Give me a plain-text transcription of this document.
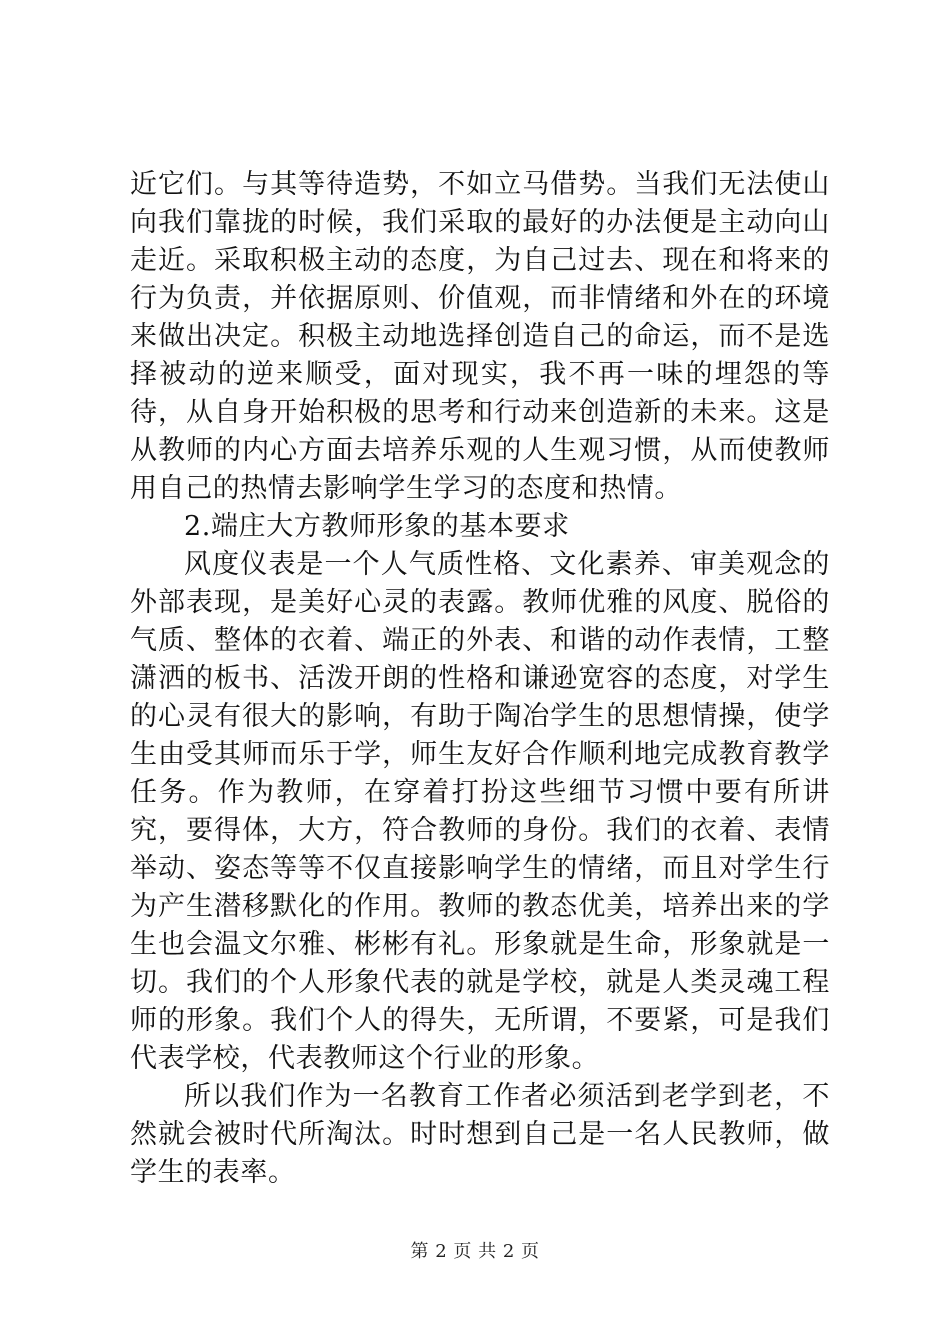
近它们。与其等待造势，不如立马借势。当我们无法使山向我们靠拢的时候，我们采取的最好的办法便是主动向山走近。采取积极主动的态度，为自己过去、现在和将来的行为负责，并依据原则、价值观，而非情绪和外在的环境来做出决定。积极主动地选择创造自己的命运，而不是选择被动的逆来顺受，面对现实，我不再一味的埋怨的等待，从自身开始积极的思考和行动来创造新的未来。这是从教师的内心方面去培养乐观的人生观习惯，从而使教师用自己的热情去影响学生学习的态度和热情。

2.端庄大方教师形象的基本要求

风度仪表是一个人气质性格、文化素养、审美观念的外部表现，是美好心灵的表露。教师优雅的风度、脱俗的气质、整体的衣着、端正的外表、和谐的动作表情，工整潇洒的板书、活泼开朗的性格和谦逊宽容的态度，对学生的心灵有很大的影响，有助于陶冶学生的思想情操，使学生由受其师而乐于学，师生友好合作顺利地完成教育教学任务。作为教师，在穿着打扮这些细节习惯中要有所讲究，要得体，大方，符合教师的身份。我们的衣着、表情举动、姿态等等不仅直接影响学生的情绪，而且对学生行为产生潜移默化的作用。教师的教态优美，培养出来的学生也会温文尔雅、彬彬有礼。形象就是生命，形象就是一切。我们的个人形象代表的就是学校，就是人类灵魂工程师的形象。我们个人的得失，无所谓，不要紧，可是我们代表学校，代表教师这个行业的形象。

所以我们作为一名教育工作者必须活到老学到老，不然就会被时代所淘汰。时时想到自己是一名人民教师，做学生的表率。

第 2 页 共 2 页
